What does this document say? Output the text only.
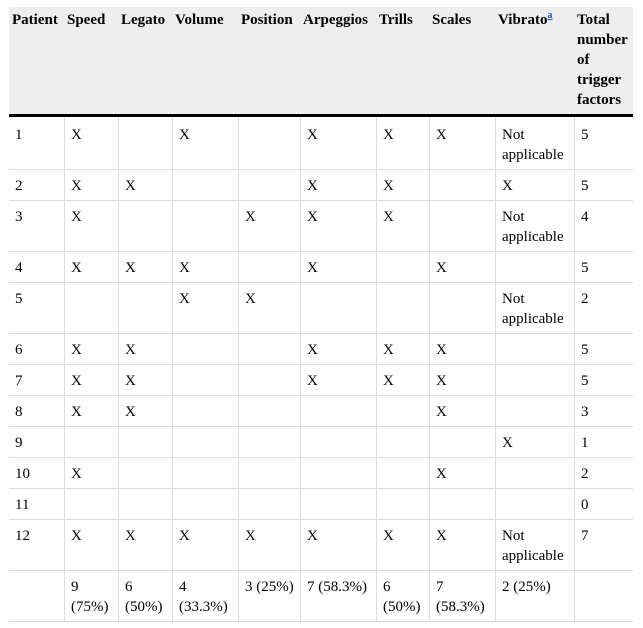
Patient	Speed	Legato	Volume	Position	Arpeggios	Trills	Scales	Vibrato$^a$	Total number of trigger factors
1	X		X		X	X	X	Not applicable	5
2	X	X			X	X		X	5
3	X			X	X	X		Not applicable	4
4	X	X	X		X		X		5
5			X	X				Not applicable	2
6	X	X			X	X	X		5
7	X	X			X	X	X		5
8	X	X					X		3
9								X	1
10	X						X		2
11									0
12	X	X	X	X	X	X	X	Not applicable	7
	9 (75%)	6 (50%)	4 (33.3%)	3 (25%)	7 (58.3%)	6 (50%)	7 (58.3%)	2 (25%)	
